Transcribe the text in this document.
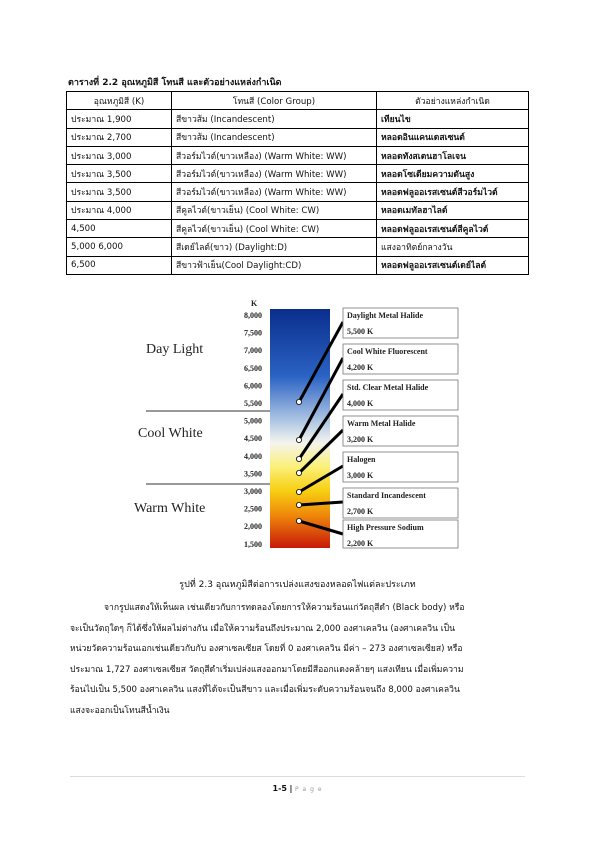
ตารางที่ 2.2 อุณหภูมิสี โทนสี และตัวอย่างแหล่งกำเนิด
อุณหภูมิสี (K)	โทนสี (Color Group)	ตัวอย่างแหล่งกำเนิด
ประมาณ 1,900	สีขาวส้ม (Incandescent)	เทียนไข
ประมาณ 2,700	สีขาวส้ม (Incandescent)	หลอดอินแคนเดสเซนต์
ประมาณ 3,000	สีวอร์มไวต์(ขาวเหลือง) (Warm White: WW)	หลอดทังสเตนฮาโลเจน
ประมาณ 3,500	สีวอร์มไวต์(ขาวเหลือง) (Warm White: WW)	หลอดโซเดียมความดันสูง
ประมาณ 3,500	สีวอร์มไวต์(ขาวเหลือง) (Warm White: WW)	หลอดฟลูออเรสเซนต์สีวอร์มไวต์
ประมาณ 4,000	สีคูลไวต์(ขาวเย็น) (Cool White: CW)	หลอดเมทัลฮาไลด์
4,500	สีคูลไวต์(ขาวเย็น) (Cool White: CW)	หลอดฟลูออเรสเซนต์สีคูลไวต์
5,000 6,000	สีเดย์ไลต์(ขาว) (Daylight:D)	แสงอาทิตย์กลางวัน
6,500	สีขาวฟ้าเย็น(Cool Daylight:CD)	หลอดฟลูออเรสเซนต์เดย์ไลต์
Day Light
Cool White
Warm White
K
8,000
7,500
7,000
6,500
6,000
5,500
5,000
4,500
4,000
3,500
3,000
2,500
2,000
1,500
Daylight Metal Halide
5,500 K
Cool White Fluorescent
4,200 K
Std. Clear Metal Halide
4,000 K
Warm Metal Halide
3,200 K
Halogen
3,000 K
Standard Incandescent
2,700 K
High Pressure Sodium
2,200 K
รูปที่ 2.3 อุณหภูมิสีต่อการเปล่งแสงของหลอดไฟแต่ละประเภท
จากรูปแสดงให้เห็นผล เช่นเดียวกับการทดลองโดยการให้ความร้อนแก่วัตถุสีดำ (Black body) หรือ
จะเป็นวัตถุใดๆ ก็ได้ซึ่งให้ผลไม่ต่างกัน เมื่อให้ความร้อนถึงประมาณ 2,000 องศาเคลวิน (องศาเคลวิน เป็น
หน่วยวัดความร้อนเอกเช่นเดียวกับกับ องศาเซลเซียส โดยที่ 0 องศาเคลวิน มีค่า – 273 องศาเซลเซียส) หรือ
ประมาณ 1,727 องศาเซลเซียส วัตถุสีดำเริ่มเปล่งแสงออกมาโดยมีสีออกแดงคล้ายๆ แสงเทียน เมื่อเพิ่มความ
ร้อนไปเป็น 5,500 องศาเคลวิน แสงที่ได้จะเป็นสีขาว และเมื่อเพิ่มระดับความร้อนจนถึง 8,000 องศาเคลวิน
แสงจะออกเป็นโทนสีน้ำเงิน
1-5 | P a g e
